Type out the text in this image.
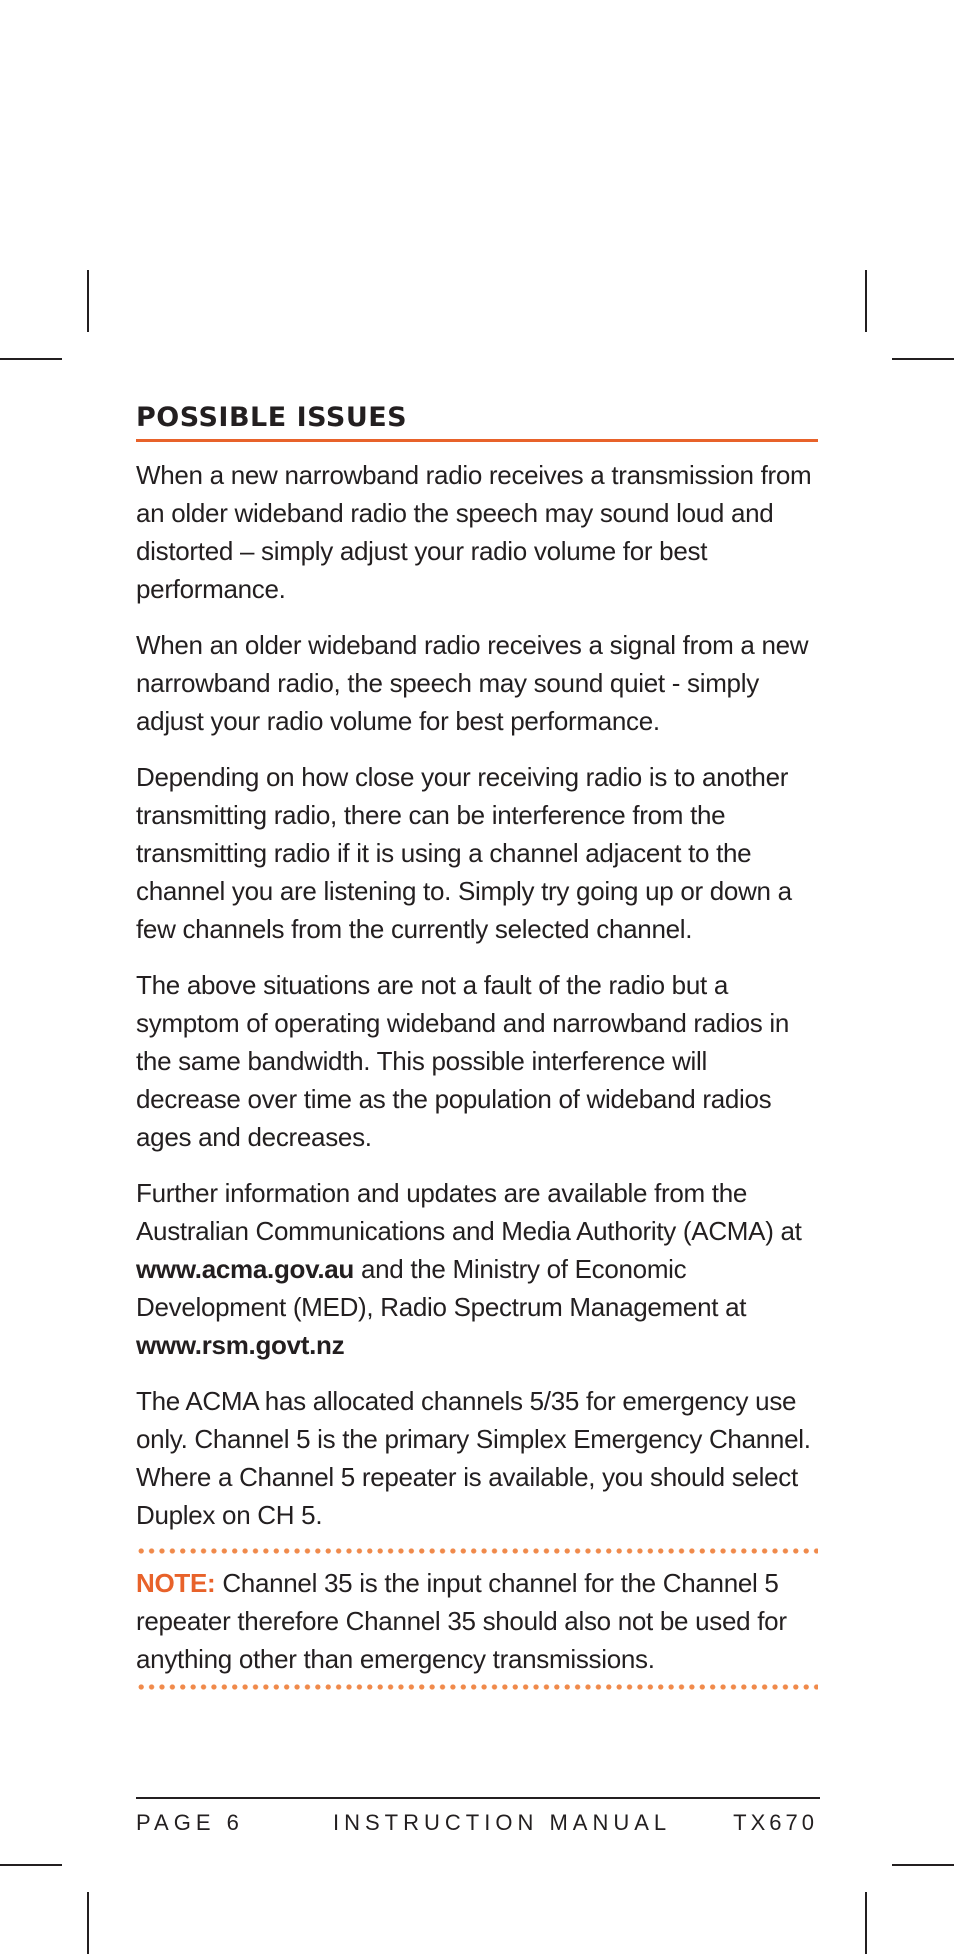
POSSIBLE ISSUES

When a new narrowband radio receives a transmission from an older wideband radio the speech may sound loud and distorted – simply adjust your radio volume for best performance.

When an older wideband radio receives a signal from a new narrowband radio, the speech may sound quiet - simply adjust your radio volume for best performance.

Depending on how close your receiving radio is to another transmitting radio, there can be interference from the transmitting radio if it is using a channel adjacent to the channel you are listening to. Simply try going up or down a few channels from the currently selected channel.

The above situations are not a fault of the radio but a symptom of operating wideband and narrowband radios in the same bandwidth. This possible interference will decrease over time as the population of wideband radios ages and decreases.

Further information and updates are available from the Australian Communications and Media Authority (ACMA) at www.acma.gov.au and the Ministry of Economic Development (MED), Radio Spectrum Management at www.rsm.govt.nz

The ACMA has allocated channels 5/35 for emergency use only. Channel 5 is the primary Simplex Emergency Channel. Where a Channel 5 repeater is available, you should select Duplex on CH 5.

NOTE: Channel 35 is the input channel for the Channel 5 repeater therefore Channel 35 should also not be used for anything other than emergency transmissions.

PAGE 6	INSTRUCTION MANUAL	TX670
